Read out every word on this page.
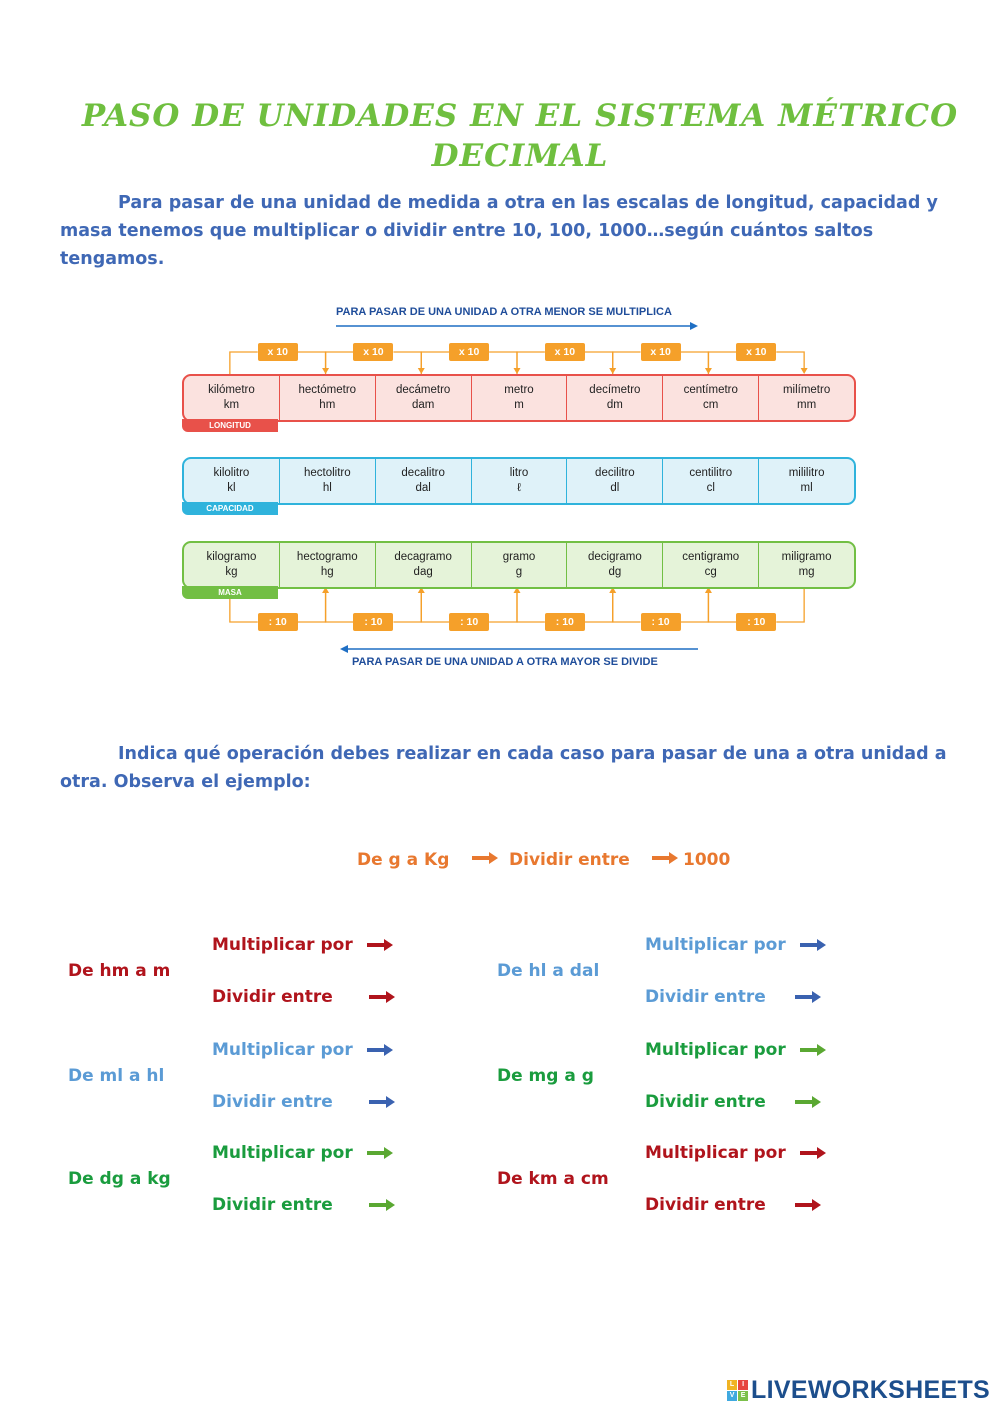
PASO DE UNIDADES EN EL SISTEMA MÉTRICO DECIMAL
Para pasar de una unidad de medida a otra en las escalas de longitud, capacidad y masa tenemos que multiplicar o dividir entre 10, 100, 1000…según cuántos saltos tengamos.
PARA PASAR DE UNA UNIDAD A OTRA MENOR SE MULTIPLICA
PARA PASAR DE UNA UNIDAD A OTRA MAYOR SE DIVIDE
kilómetro
km
hectómetro
hm
decámetro
dam
metro
m
decímetro
dm
centímetro
cm
milímetro
mm
LONGITUD
kilolitro
kl
hectolitro
hl
decalitro
dal
litro
ℓ
decilitro
dl
centilitro
cl
mililitro
ml
CAPACIDAD
kilogramo
kg
hectogramo
hg
decagramo
dag
gramo
g
decigramo
dg
centigramo
cg
miligramo
mg
MASA
x 10
: 10
x 10
: 10
x 10
: 10
x 10
: 10
x 10
: 10
x 10
: 10
Indica qué operación debes realizar en cada caso para pasar de una a otra unidad a otra. Observa el ejemplo:
De g a Kg	Dividir entre	1000
De hm a m
Multiplicar por
Dividir entre
De hl a dal
Multiplicar por
Dividir entre
De ml a hl
Multiplicar por
Dividir entre
De mg a g
Multiplicar por
Dividir entre
De dg a kg
Multiplicar por
Dividir entre
De km a cm
Multiplicar por
Dividir entre
L	I
V E LIVEWORKSHEETS
